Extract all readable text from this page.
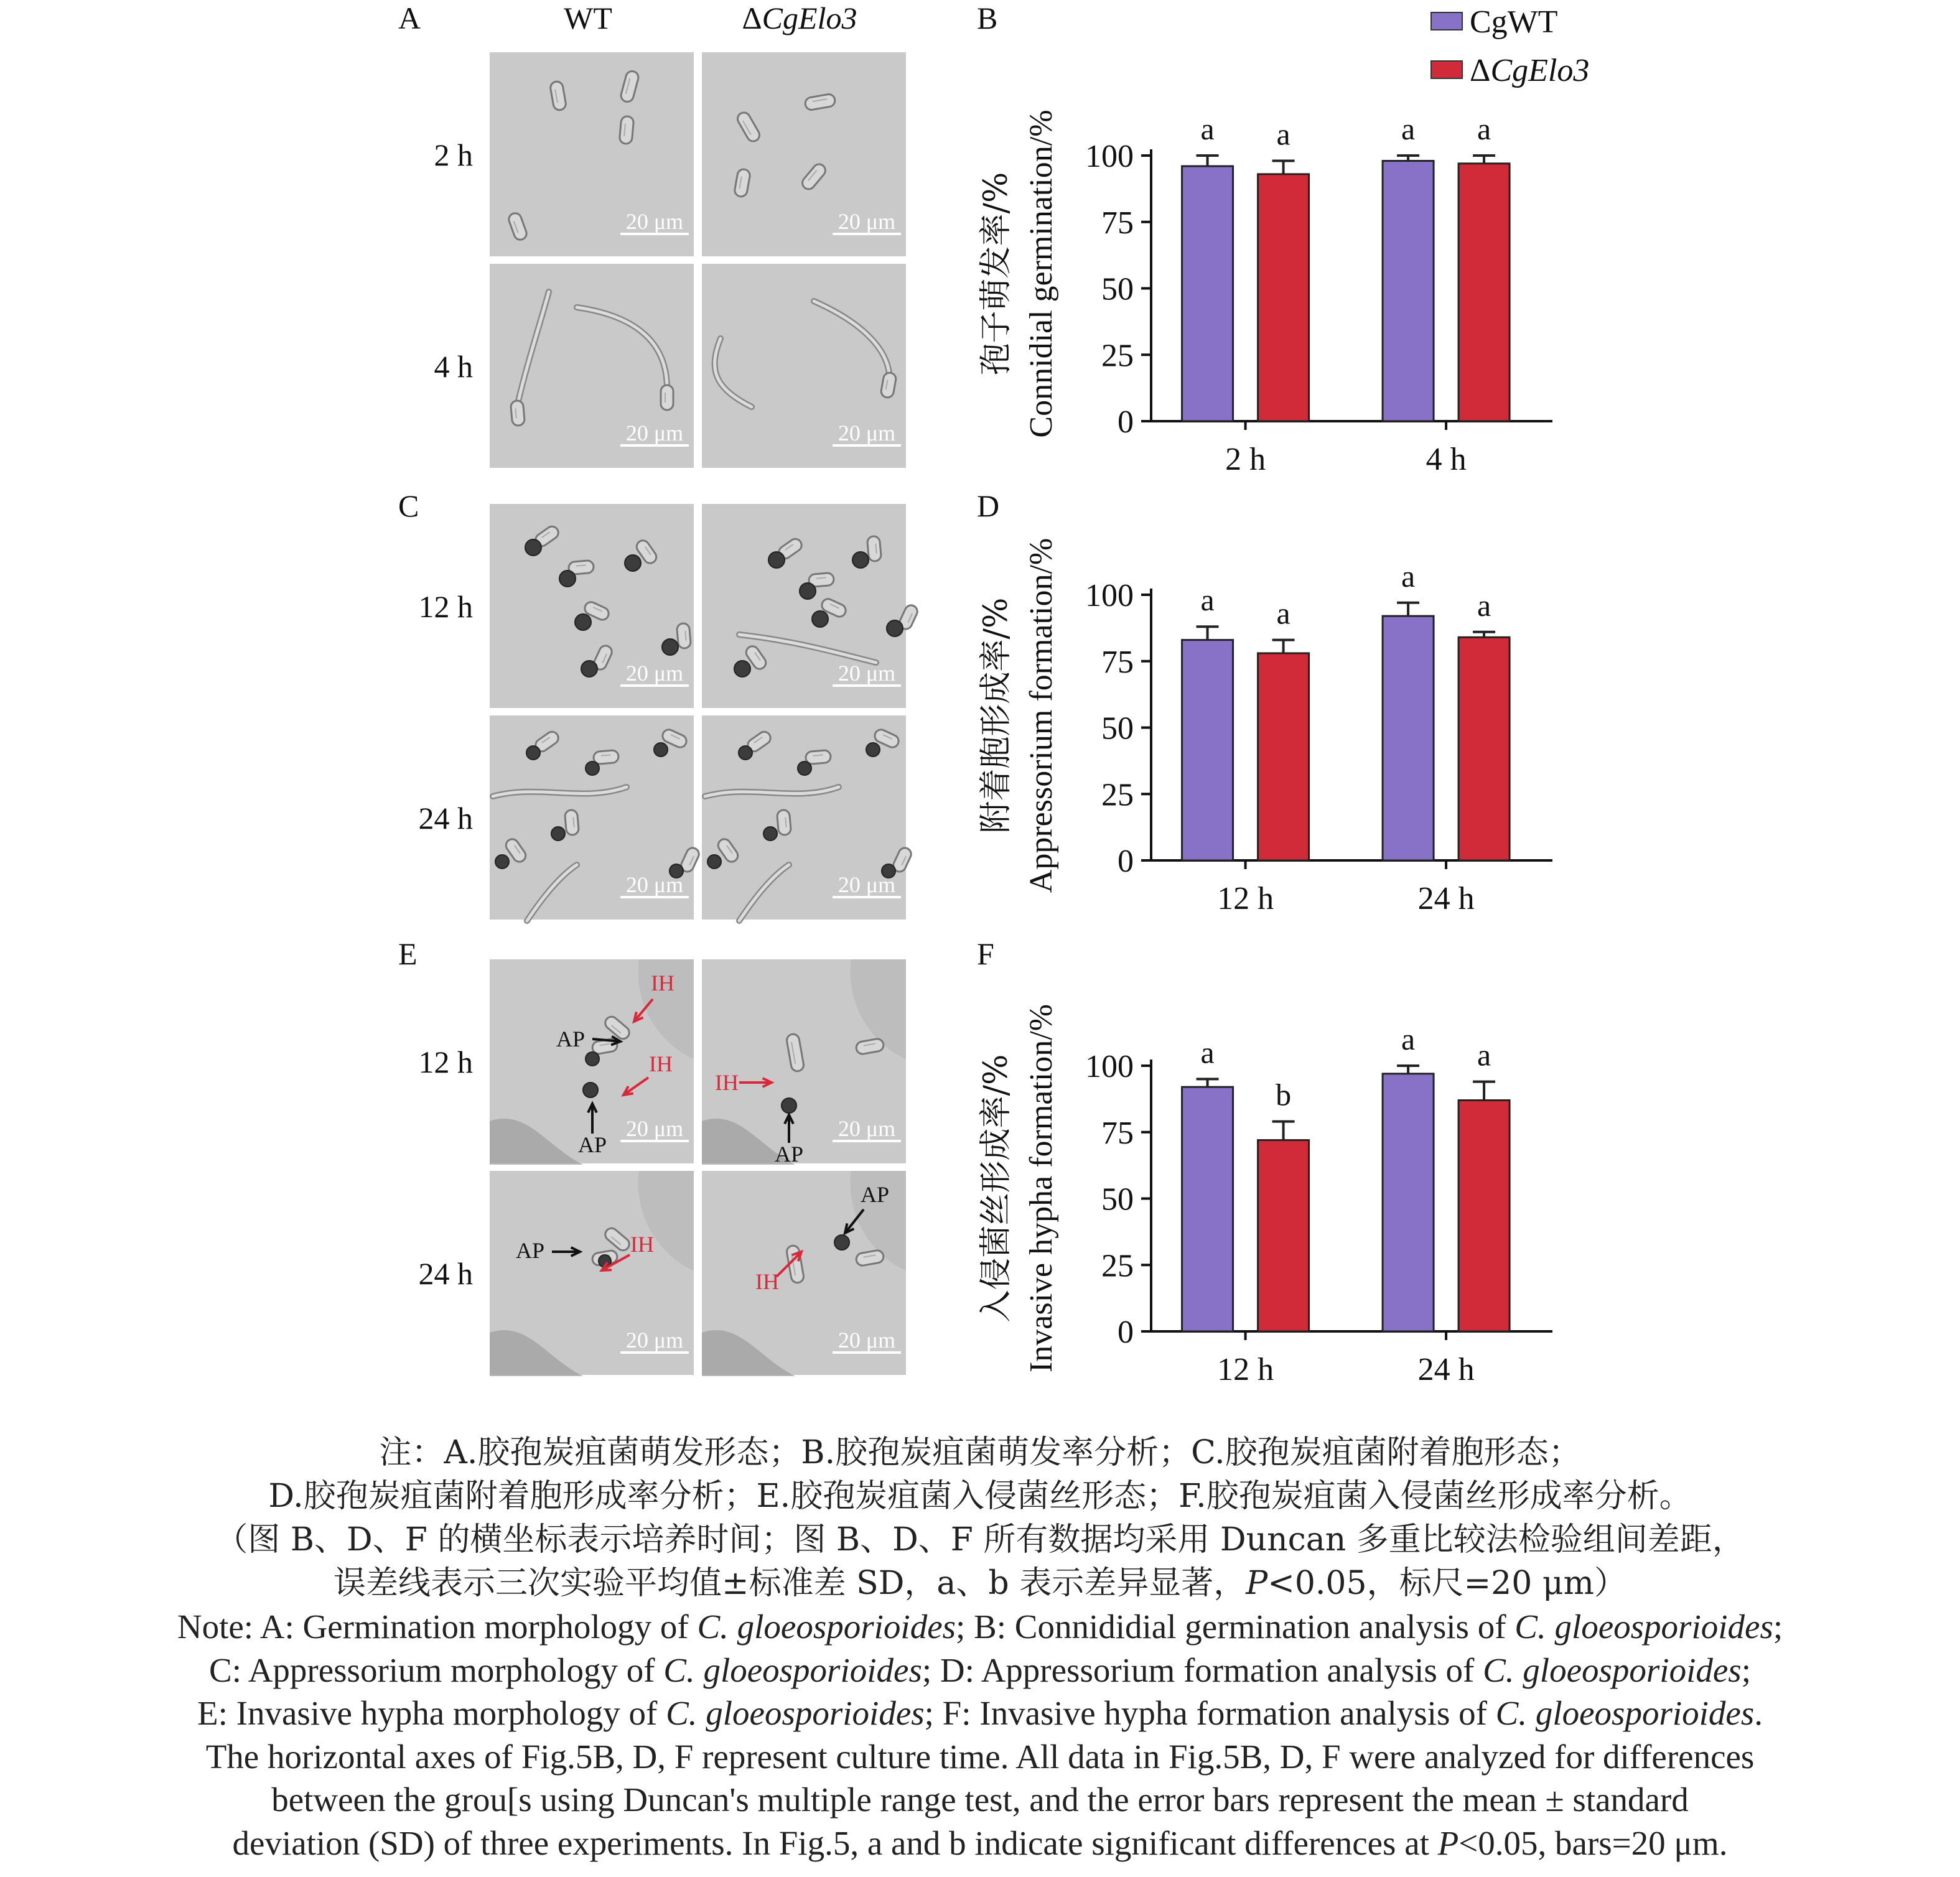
A	B
C	D
E	F
WT	ΔCgElo3
2 h
20 μm	20 μm
4 h
20 μm	20 μm
12 h
20 μm	20 μm
24 h
20 μm	20 μm
12 h
20 μm
AP
IH
IH
AP
20 μm
IH
AP
24 h
20 μm
AP	IH
20 μm
AP
IH
CgWT
ΔCgElo3
0
25
50
75
100
孢子萌发率/% Connidial germination/%
2 h
a a
4 h
a a
0
25
50
75
100
附着胞形成率/% Appressorium formation/%
12 h
a a
24 h
a
a
0
25
50
75
100
入侵菌丝形成率/% Invasive hypha formation/%	12 h
a
b
24 h
a a
注：A.胶孢炭疽菌萌发形态；B.胶孢炭疽菌萌发率分析；C.胶孢炭疽菌附着胞形态；
D.胶孢炭疽菌附着胞形成率分析；E.胶孢炭疽菌入侵菌丝形态；F.胶孢炭疽菌入侵菌丝形成率分析。
（图 B、D、F 的横坐标表示培养时间；图 B、D、F 所有数据均采用 Duncan 多重比较法检验组间差距，
误差线表示三次实验平均值±标准差 SD，a、b 表示差异显著，P<0.05，标尺=20 μm）
Note: A: Germination morphology of C. gloeosporioides; B: Connididial germination analysis of C. gloeosporioides;
C: Appressorium morphology of C. gloeosporioides; D: Appressorium formation analysis of C. gloeosporioides;
E: Invasive hypha morphology of C. gloeosporioides; F: Invasive hypha formation analysis of C. gloeosporioides.
The horizontal axes of Fig.5B, D, F represent culture time. All data in Fig.5B, D, F were analyzed for differences
between the grou[s using Duncan's multiple range test, and the error bars represent the mean ± standard
deviation (SD) of three experiments. In Fig.5, a and b indicate significant differences at P<0.05, bars=20 μm.
